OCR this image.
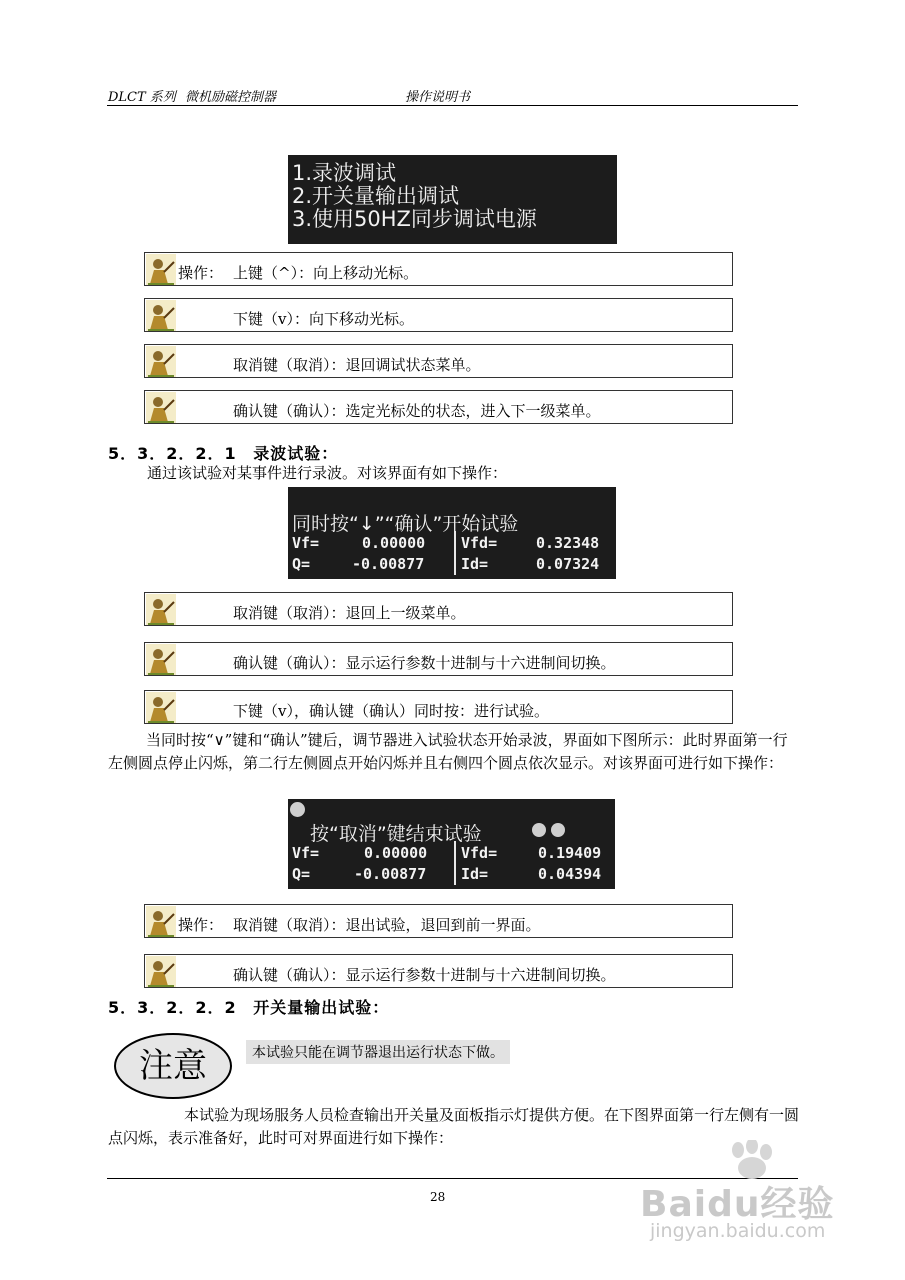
DLCT 系列 微机励磁控制器	操作说明书
1.录波调试
2.开关量输出调试
3.使用50HZ同步调试电源
操作： 上键（^）：向上移动光标。
下键（v）：向下移动光标。
取消键（取消）：退回调试状态菜单。
确认键（确认）：选定光标处的状态，进入下一级菜单。
5．3．2．2．1 录波试验：
通过该试验对某事件进行录波。对该界面有如下操作：
同时按“↓”“确认”开始试验
Vf=	0.00000 Vfd=	0.32348
Q=	-0.00877 Id=	0.07324
取消键（取消）：退回上一级菜单。
确认键（确认）：显示运行参数十进制与十六进制间切换。
下键（v），确认键（确认）同时按：进行试验。
当同时按“∨”键和“确认”键后，调节器进入试验状态开始录波，界面如下图所示：此时界面第一行左侧圆点停止闪烁，第二行左侧圆点开始闪烁并且右侧四个圆点依次显示。对该界面可进行如下操作：
按“取消”键结束试验
Vf=	0.00000 Vfd=	0.19409
Q=	-0.00877 Id=	0.04394
操作： 取消键（取消）：退出试验，退回到前一界面。
确认键（确认）：显示运行参数十进制与十六进制间切换。
5．3．2．2．2 开关量输出试验：
注意	本试验只能在调节器退出运行状态下做。
本试验为现场服务人员检查输出开关量及面板指示灯提供方便。在下图界面第一行左侧有一圆点闪烁，表示准备好，此时可对界面进行如下操作：
28	Baidu经验
jingyan.baidu.com
